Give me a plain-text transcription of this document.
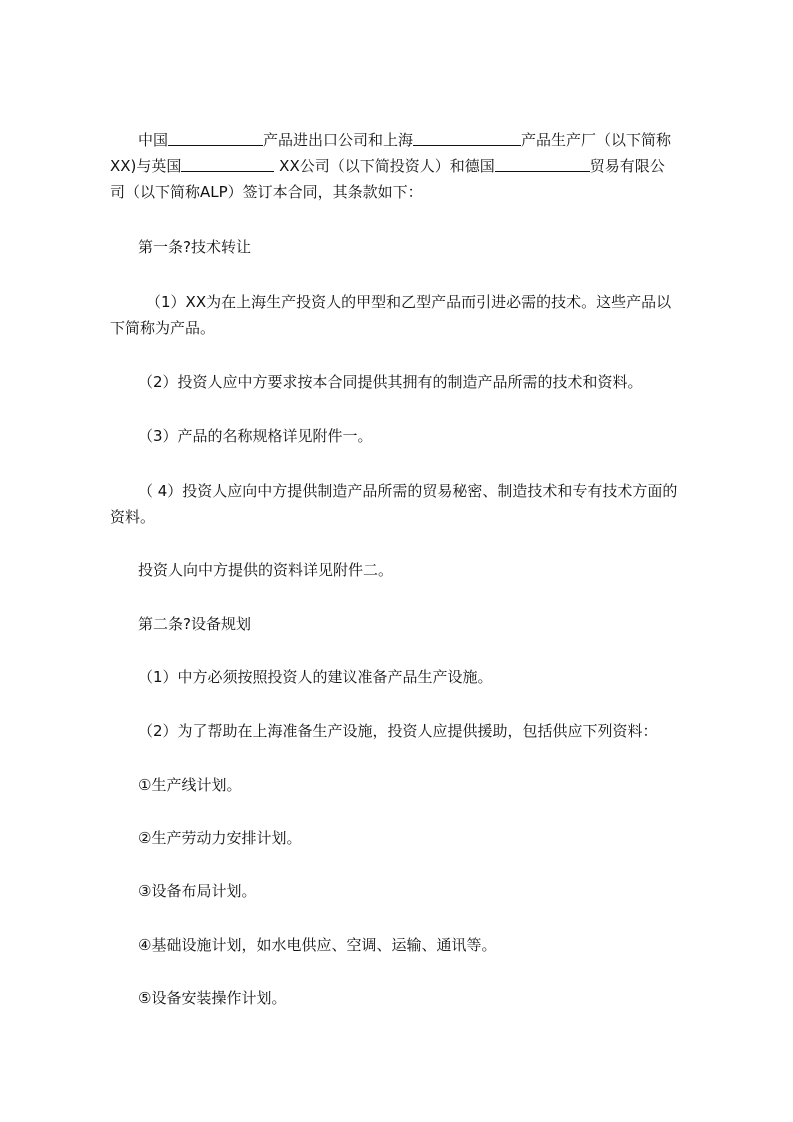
中国	产品进出口公司和上海	产品生产厂（以下简称
XX)与英国	XX公司（以下简投资人）和德国	贸易有限公
司（以下简称ALP）签订本合同，其条款如下：
第一条?技术转让
（1）XX为在上海生产投资人的甲型和乙型产品而引进必需的技术。这些产品以
下简称为产品。
（2）投资人应中方要求按本合同提供其拥有的制造产品所需的技术和资料。
（3）产品的名称规格详见附件一。
（ 4）投资人应向中方提供制造产品所需的贸易秘密、制造技术和专有技术方面的
资料。
投资人向中方提供的资料详见附件二。
第二条?设备规划
（1）中方必须按照投资人的建议准备产品生产设施。
（2）为了帮助在上海准备生产设施，投资人应提供援助，包括供应下列资料：
①生产线计划。
②生产劳动力安排计划。
③设备布局计划。
④基础设施计划，如水电供应、空调、运输、通讯等。
⑤设备安装操作计划。
